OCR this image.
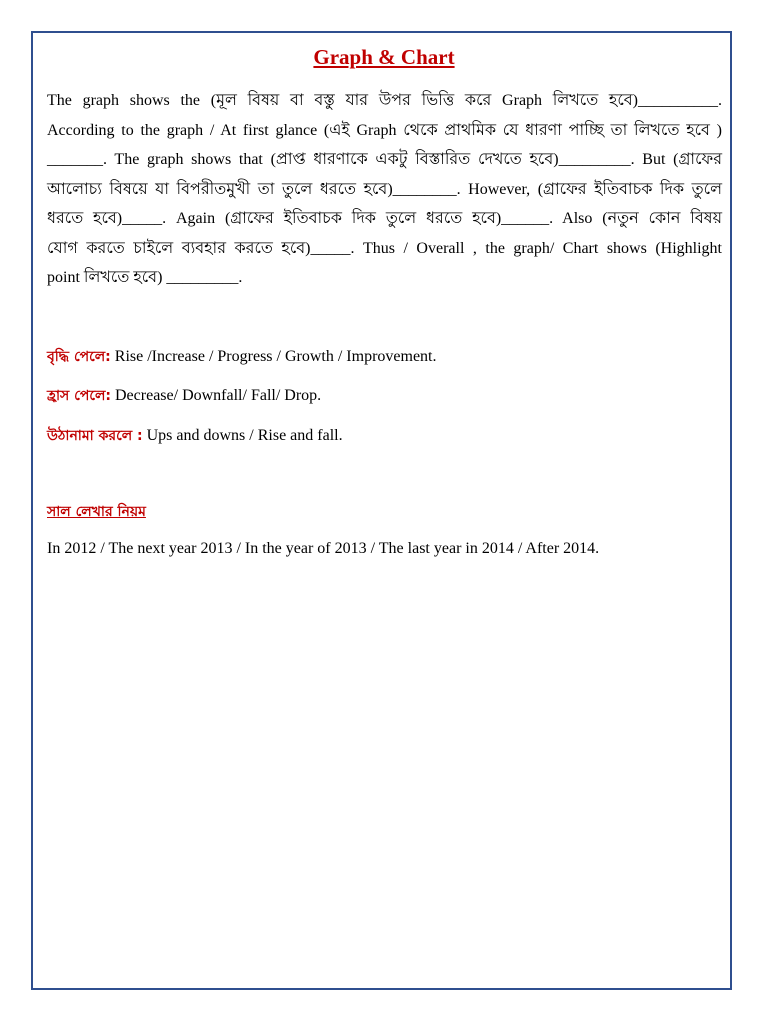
Graph & Chart
The graph shows the (মূল বিষয় বা বস্তু যার উপর ভিত্তি করে Graph লিখতে হবে)__________.
According to the graph / At first glance (এই Graph থেকে প্রাথমিক যে ধারণা পাচ্ছি তা লিখতে হবে )
_______. The graph shows that (প্রাপ্ত ধারণাকে একটু বিস্তারিত দেখতে হবে)_________. But (গ্রাফের
আলোচ্য বিষয়ে যা বিপরীতমুখী তা তুলে ধরতে হবে)________. However, (গ্রাফের ইতিবাচক দিক তুলে
ধরতে হবে)_____. Again (গ্রাফের ইতিবাচক দিক তুলে ধরতে হবে)______. Also (নতুন কোন বিষয়
যোগ করতে চাইলে ব্যবহার করতে হবে)_____. Thus / Overall , the graph/ Chart shows (Highlight
point লিখতে হবে) _________.
বৃদ্ধি পেলে: Rise /Increase / Progress / Growth / Improvement.
হ্রাস পেলে: Decrease/ Downfall/ Fall/ Drop.
উঠানামা করলে : Ups and downs / Rise and fall.
সাল লেখার নিয়ম
In 2012 / The next year 2013 / In the year of 2013 / The last year in 2014 / After 2014.
